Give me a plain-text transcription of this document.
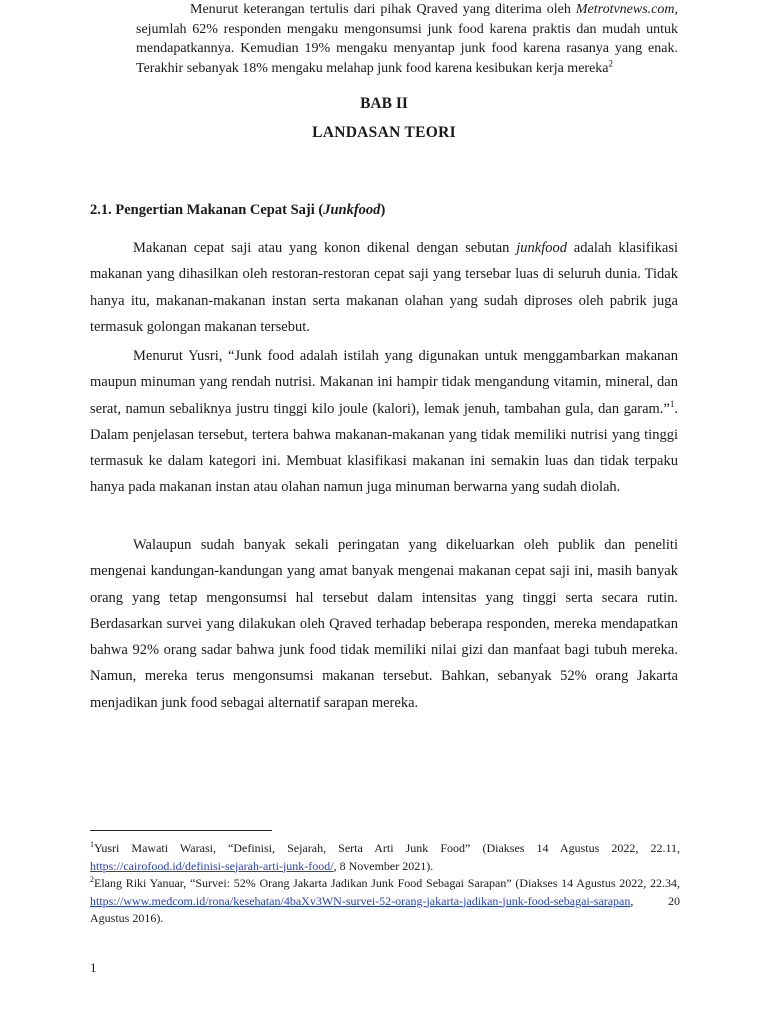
BAB II
LANDASAN TEORI
2.1. Pengertian Makanan Cepat Saji (Junkfood)

Makanan cepat saji atau yang konon dikenal dengan sebutan junkfood adalah klasifikasi makanan yang dihasilkan oleh restoran-restoran cepat saji yang tersebar luas di seluruh dunia. Tidak hanya itu, makanan-makanan instan serta makanan olahan yang sudah diproses oleh pabrik juga termasuk golongan makanan tersebut.

Menurut Yusri, “Junk food adalah istilah yang digunakan untuk menggambarkan makanan maupun minuman yang rendah nutrisi. Makanan ini hampir tidak mengandung vitamin, mineral, dan serat, namun sebaliknya justru tinggi kilo joule (kalori), lemak jenuh, tambahan gula, dan garam.”$^1$. Dalam penjelasan tersebut, tertera bahwa makanan-makanan yang tidak memiliki nutrisi yang tinggi termasuk ke dalam kategori ini. Membuat klasifikasi makanan ini semakin luas dan tidak terpaku hanya pada makanan instan atau olahan namun juga minuman berwarna yang sudah diolah.

Walaupun sudah banyak sekali peringatan yang dikeluarkan oleh publik dan peneliti mengenai kandungan-kandungan yang amat banyak mengenai makanan cepat saji ini, masih banyak orang yang tetap mengonsumsi hal tersebut dalam intensitas yang tinggi serta secara rutin. Berdasarkan survei yang dilakukan oleh Qraved terhadap beberapa responden, mereka mendapatkan bahwa 92% orang sadar bahwa junk food tidak memiliki nilai gizi dan manfaat bagi tubuh mereka. Namun, mereka terus mengonsumsi makanan tersebut. Bahkan, sebanyak 52% orang Jakarta menjadikan junk food sebagai alternatif sarapan mereka.

Menurut keterangan tertulis dari pihak Qraved yang diterima oleh Metrotvnews.com, sejumlah 62% responden mengaku mengonsumsi junk food karena praktis dan mudah untuk mendapatkannya. Kemudian 19% mengaku menyantap junk food karena rasanya yang enak. Terakhir sebanyak 18% mengaku melahap junk food karena kesibukan kerja mereka$^2$

$^1$Yusri Mawati Warasi, “Definisi, Sejarah, Serta Arti Junk Food” (Diakses 14 Agustus 2022, 22.11, https://cairofood.id/definisi-sejarah-arti-junk-food/, 8 November 2021).

$^2$Elang Riki Yanuar, “Survei: 52% Orang Jakarta Jadikan Junk Food Sebagai Sarapan” (Diakses 14 Agustus 2022, 22.34, https://www.medcom.id/rona/kesehatan/4baXv3WN-survei-52-orang-jakarta-jadikan-junk-food-sebagai-sarapan, 20 Agustus 2016).

1
